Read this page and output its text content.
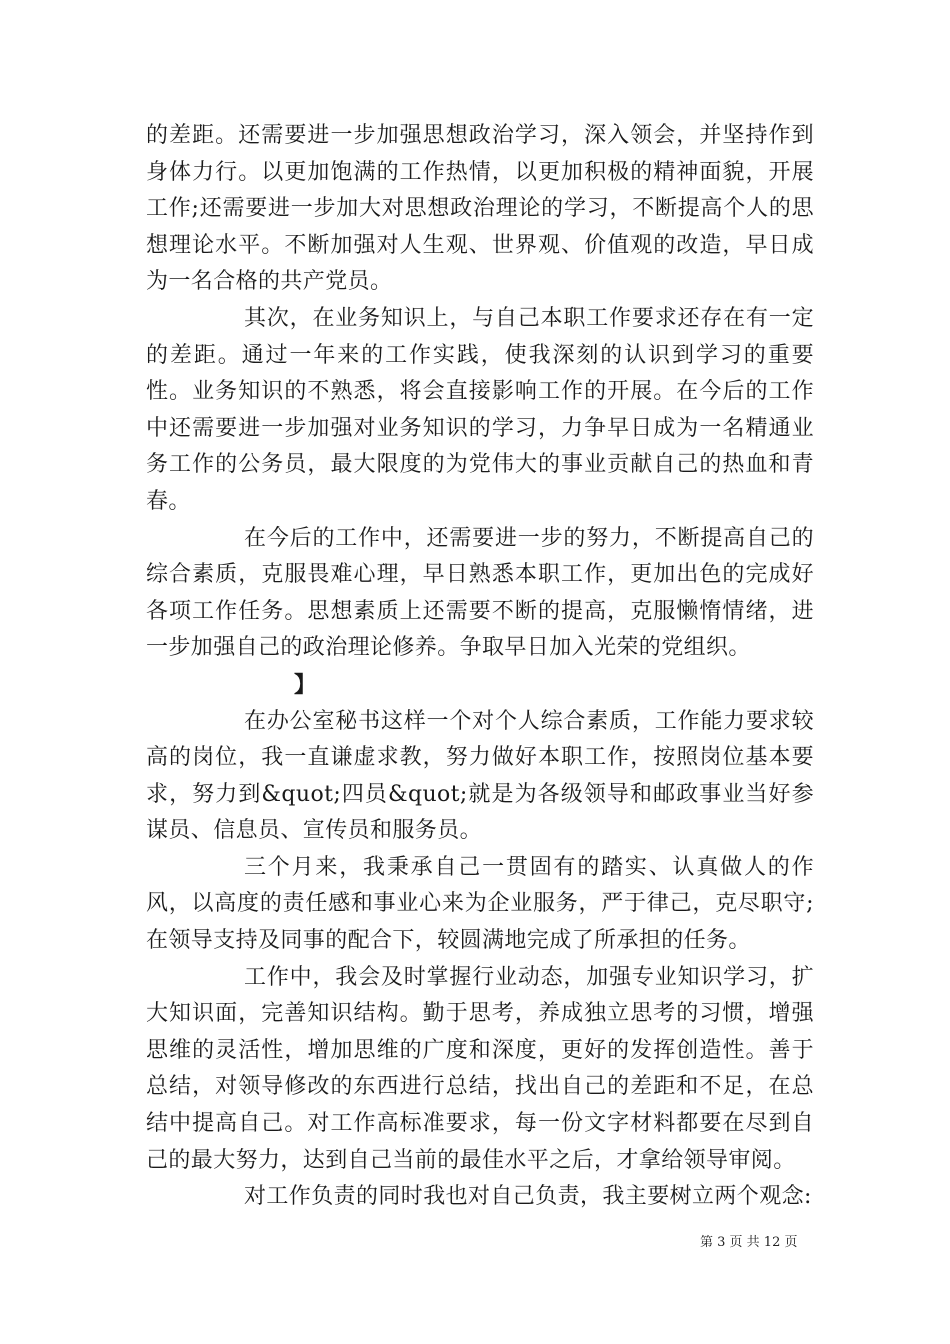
的差距。还需要进一步加强思想政治学习，深入领会，并坚持作到身体力行。以更加饱满的工作热情，以更加积极的精神面貌，开展工作;还需要进一步加大对思想政治理论的学习，不断提高个人的思想理论水平。不断加强对人生观、世界观、价值观的改造，早日成为一名合格的共产党员。

其次，在业务知识上，与自己本职工作要求还存在有一定的差距。通过一年来的工作实践，使我深刻的认识到学习的重要性。业务知识的不熟悉，将会直接影响工作的开展。在今后的工作中还需要进一步加强对业务知识的学习，力争早日成为一名精通业务工作的公务员，最大限度的为党伟大的事业贡献自己的热血和青春。

在今后的工作中，还需要进一步的努力，不断提高自己的综合素质，克服畏难心理，早日熟悉本职工作，更加出色的完成好各项工作任务。思想素质上还需要不断的提高，克服懒惰情绪，进一步加强自己的政治理论修养。争取早日加入光荣的党组织。

】

在办公室秘书这样一个对个人综合素质，工作能力要求较高的岗位，我一直谦虚求教，努力做好本职工作，按照岗位基本要求，努力到&quot;四员&quot;就是为各级领导和邮政事业当好参谋员、信息员、宣传员和服务员。

三个月来，我秉承自己一贯固有的踏实、认真做人的作风，以高度的责任感和事业心来为企业服务，严于律己，克尽职守;在领导支持及同事的配合下，较圆满地完成了所承担的任务。

工作中，我会及时掌握行业动态，加强专业知识学习，扩大知识面，完善知识结构。勤于思考，养成独立思考的习惯，增强思维的灵活性，增加思维的广度和深度，更好的发挥创造性。善于总结，对领导修改的东西进行总结，找出自己的差距和不足，在总结中提高自己。对工作高标准要求，每一份文字材料都要在尽到自己的最大努力，达到自己当前的最佳水平之后，才拿给领导审阅。

对工作负责的同时我也对自己负责，我主要树立两个观念:

第 3 页 共 12 页
